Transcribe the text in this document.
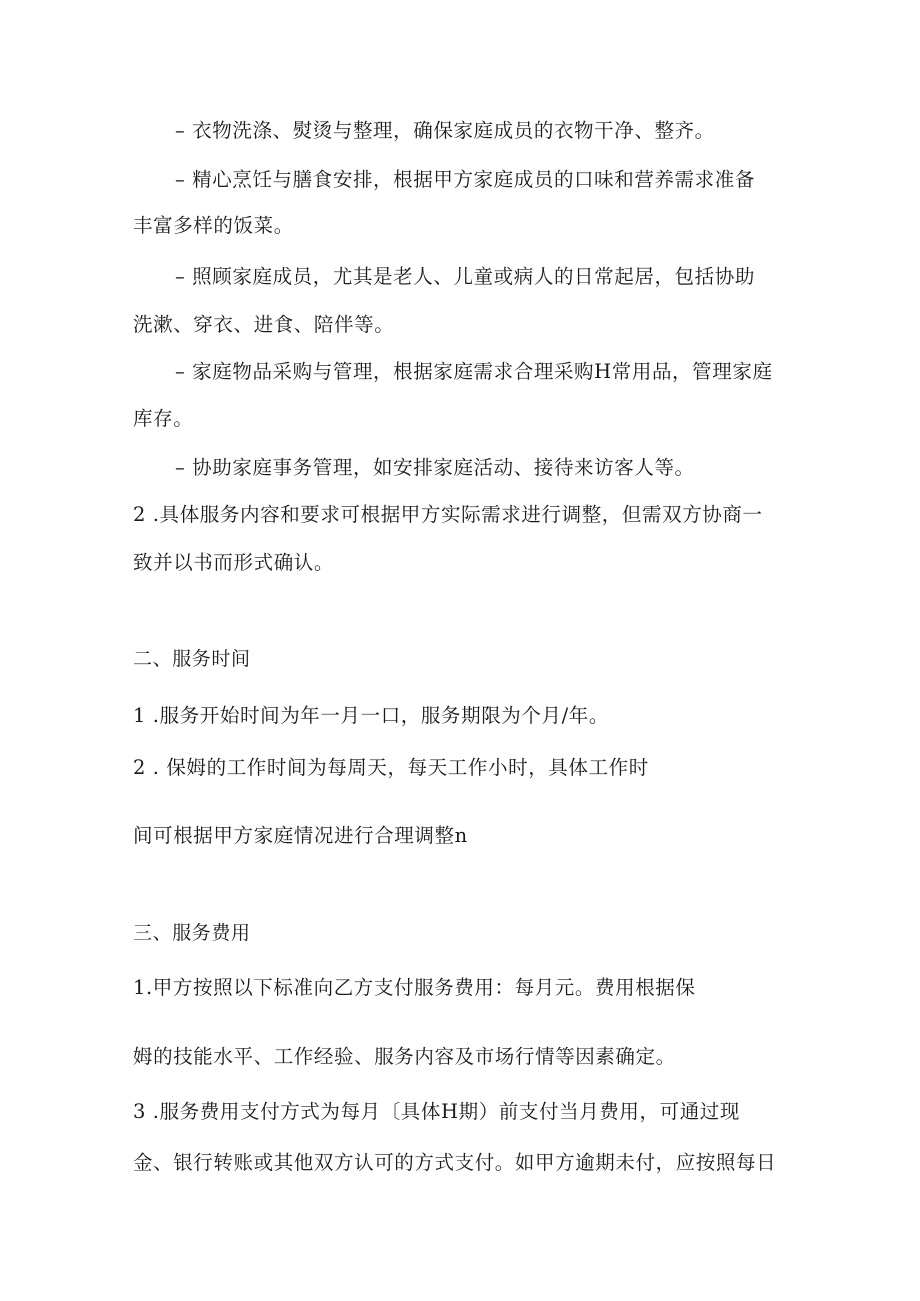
– 衣物洗涤、熨烫与整理，确保家庭成员的衣物干净、整齐。
– 精心烹饪与膳食安排，根据甲方家庭成员的口味和营养需求准备
丰富多样的饭菜。
– 照顾家庭成员，尤其是老人、儿童或病人的日常起居，包括协助
洗漱、穿衣、进食、陪伴等。
– 家庭物品采购与管理，根据家庭需求合理采购H常用品，管理家庭
库存。
– 协助家庭事务管理，如安排家庭活动、接待来访客人等。
2 .具体服务内容和要求可根据甲方实际需求进行调整，但需双方协商一
致并以书而形式确认。
二、服务时间
1 .服务开始时间为年一月一口，服务期限为个月/年。
2 . 保姆的工作时间为每周天，每天工作小时，具体工作时
间可根据甲方家庭情况进行合理调整n
三、服务费用
1.甲方按照以下标准向乙方支付服务费用：每月元。费用根据保
姆的技能水平、工作经验、服务内容及市场行情等因素确定。
3 .服务费用支付方式为每月〔具体H期）前支付当月费用，可通过现
金、银行转账或其他双方认可的方式支付。如甲方逾期未付，应按照每日
